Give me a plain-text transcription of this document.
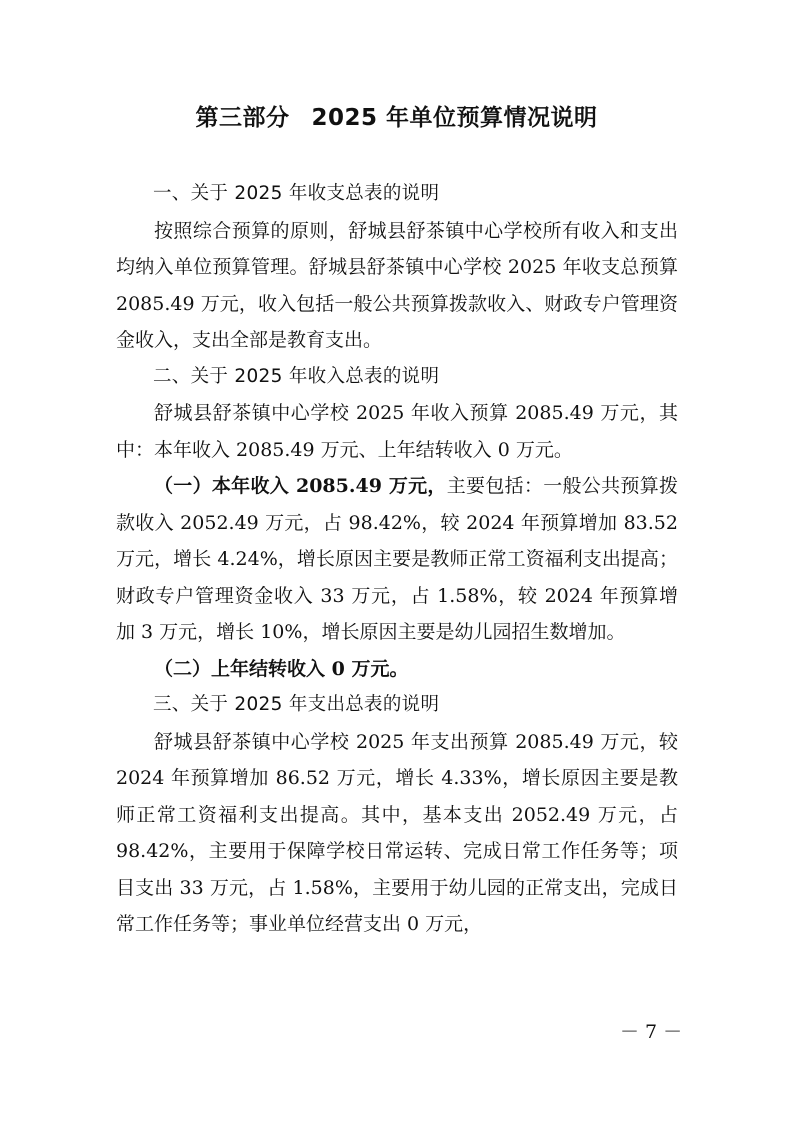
第三部分 2025 年单位预算情况说明

一、关于 2025 年收支总表的说明

按照综合预算的原则，舒城县舒茶镇中心学校所有收入和支出均纳入单位预算管理。舒城县舒茶镇中心学校 2025 年收支总预算 2085.49 万元，收入包括一般公共预算拨款收入、财政专户管理资金收入，支出全部是教育支出。

二、关于 2025 年收入总表的说明

舒城县舒茶镇中心学校 2025 年收入预算 2085.49 万元，其中：本年收入 2085.49 万元、上年结转收入 0 万元。

（一）本年收入 2085.49 万元，主要包括：一般公共预算拨款收入 2052.49 万元，占 98.42%，较 2024 年预算增加 83.52 万元，增长 4.24%，增长原因主要是教师正常工资福利支出提高；财政专户管理资金收入 33 万元，占 1.58%，较 2024 年预算增加 3 万元，增长 10%，增长原因主要是幼儿园招生数增加。

（二）上年结转收入 0 万元。

三、关于 2025 年支出总表的说明

舒城县舒茶镇中心学校 2025 年支出预算 2085.49 万元，较 2024 年预算增加 86.52 万元，增长 4.33%，增长原因主要是教师正常工资福利支出提高。其中，基本支出 2052.49 万元，占 98.42%，主要用于保障学校日常运转、完成日常工作任务等；项目支出 33 万元，占 1.58%，主要用于幼儿园的正常支出，完成日常工作任务等；事业单位经营支出 0 万元，

－ 7 －
